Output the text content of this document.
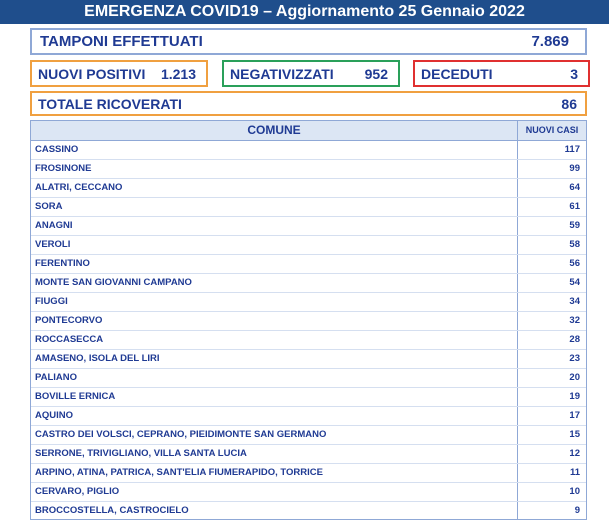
EMERGENZA COVID19 – Aggiornamento 25 Gennaio 2022
TAMPONI EFFETTUATI	7.869
NUOVI POSITIVI 1.213 NEGATIVIZZATI 952 DECEDUTI	3
TOTALE RICOVERATI	86
COMUNE	NUOVI CASI
CASSINO	117
FROSINONE	99
ALATRI, CECCANO	64
SORA	61
ANAGNI	59
VEROLI	58
FERENTINO	56
MONTE SAN GIOVANNI CAMPANO	54
FIUGGI	34
PONTECORVO	32
ROCCASECCA	28
AMASENO, ISOLA DEL LIRI	23
PALIANO	20
BOVILLE ERNICA	19
AQUINO	17
CASTRO DEI VOLSCI, CEPRANO, PIEIDIMONTE SAN GERMANO	15
SERRONE, TRIVIGLIANO, VILLA SANTA LUCIA	12
ARPINO, ATINA, PATRICA, SANT'ELIA FIUMERAPIDO, TORRICE	11
CERVARO, PIGLIO	10
BROCCOSTELLA, CASTROCIELO	9
